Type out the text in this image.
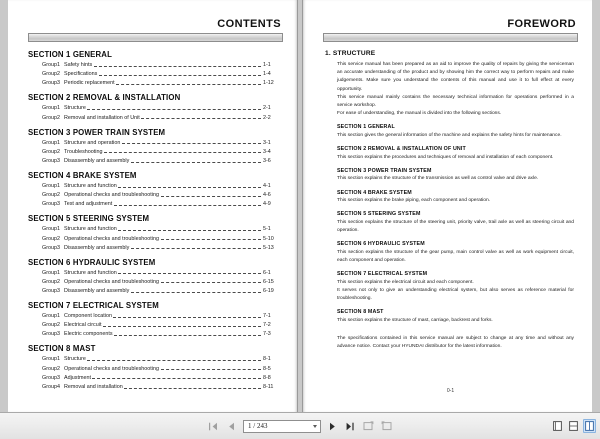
CONTENTS
SECTION 1 GENERAL
Group 1 Safety hints	1-1
Group 2 Specifications	1-4
Group 3 Periodic replacement	1-12
SECTION 2 REMOVAL & INSTALLATION
Group 1 Structure	2-1
Group 2 Removal and installation of Unit	2-2
SECTION 3 POWER TRAIN SYSTEM
Group 1 Structure and operation	3-1
Group 2 Troubleshooting	3-4
Group 3 Disassembly and assembly	3-6
SECTION 4 BRAKE SYSTEM
Group 1 Structure and function	4-1
Group 2 Operational checks and troubleshooting	4-6
Group 3 Test and adjustment	4-9
SECTION 5 STEERING SYSTEM
Group 1 Structure and function	5-1
Group 2 Operational checks and troubleshooting	5-10
Group 3 Disassembly and assembly	5-13
SECTION 6 HYDRAULIC SYSTEM
Group 1 Structure and function	6-1
Group 2 Operational checks and troubleshooting	6-15
Group 3 Disassembly and assembly	6-19
SECTION 7 ELECTRICAL SYSTEM
Group 1 Component location	7-1
Group 2 Electrical circuit	7-2
Group 3 Electric components	7-3
SECTION 8 MAST
Group 1 Structure	8-1
Group 2 Operational checks and troubleshooting	8-5
Group 3 Adjustment	8-8
Group 4 Removal and installation	8-11
FOREWORD
1. STRUCTURE

This service manual has been prepared as an aid to improve the quality of repairs by giving the serviceman an accurate understanding of the product and by showing him the correct way to perform repairs and make judgements. Make sure you understand the contents of this manual and use it to full effect at every opportunity.

This service manual mainly contains the necessary technical information for operations performed in a service workshop.

For ease of understanding, the manual is divided into the following sections.

SECTION 1 GENERAL

This section gives the general information of the machine and explains the safety hints for maintenance.

SECTION 2 REMOVAL & INSTALLATION OF UNIT

This section explains the procedures and techniques of removal and installation of each component.

SECTION 3 POWER TRAIN SYSTEM

This section explains the structure of the transmission as well as control valve and drive axle.

SECTION 4 BRAKE SYSTEM

This section explains the brake piping, each component and operation.

SECTION 5 STEERING SYSTEM

This section explains the structure of the steering unit, priority valve, trail axle as well as steering circuit and operation.

SECTION 6 HYDRAULIC SYSTEM

This section explains the structure of the gear pump, main control valve as well as work equipment circuit, each component and operation.

SECTION 7 ELECTRICAL SYSTEM

This section explains the electrical circuit and each component.

It serves not only to give an understanding electrical system, but also serves as reference material for troubleshooting.

SECTION 8 MAST

This section explains the structure of mast, carriage, backrest and forks.

The specifications contained in this service manual are subject to change at any time and without any advance notice. Contact your HYUNDAI distributor for the latest information.
0-1
1 / 243
